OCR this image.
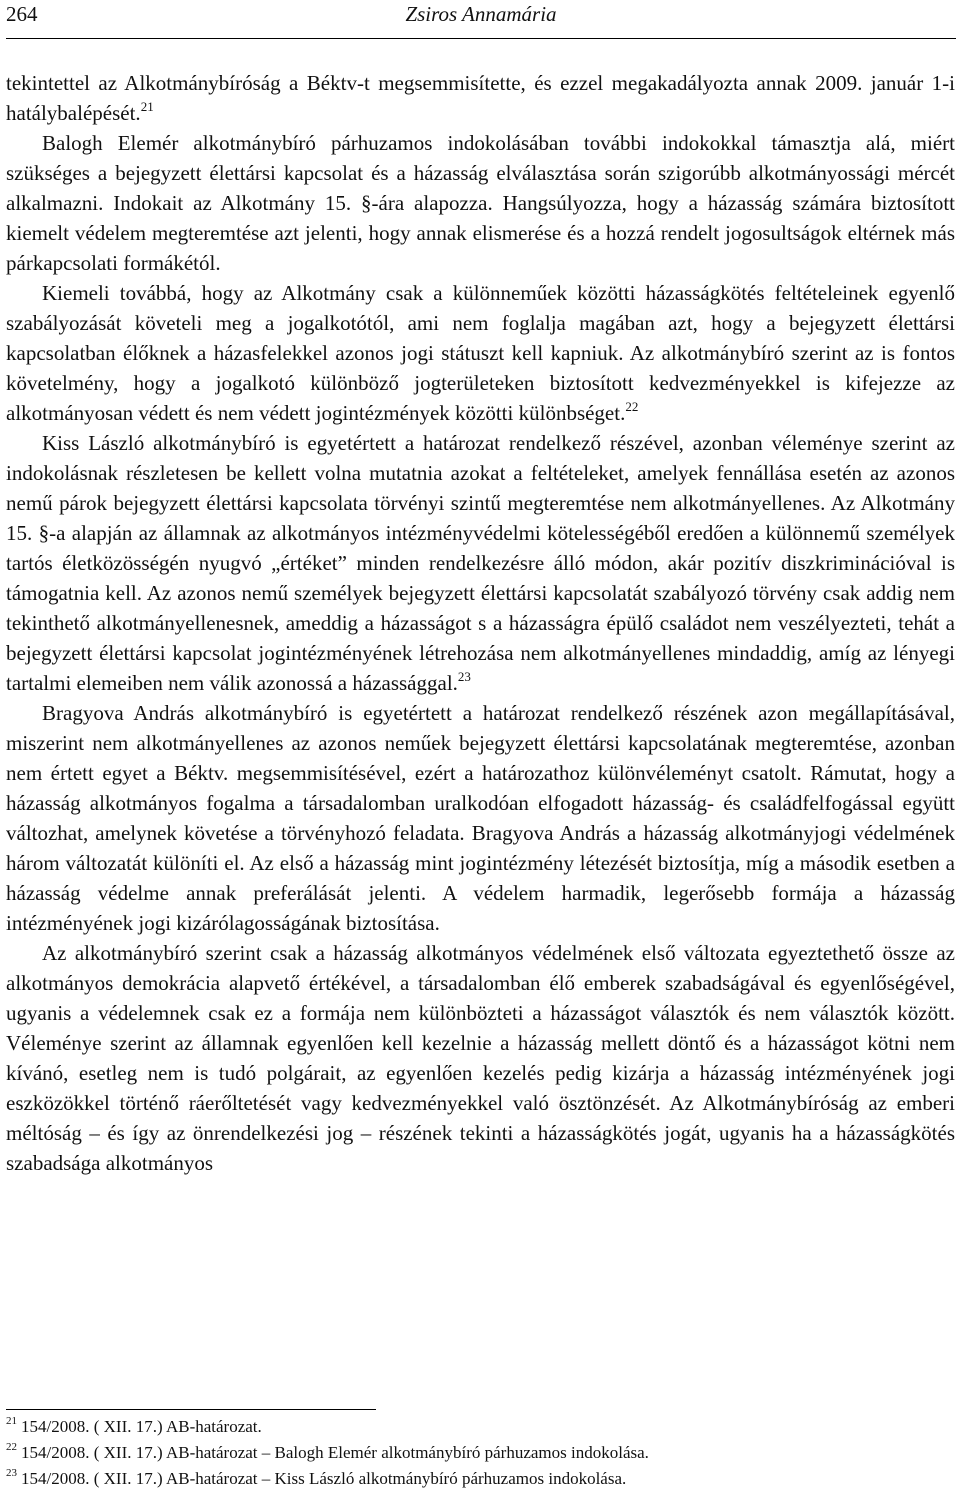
264	Zsiros Annamária

tekintettel az Alkotmánybíróság a Béktv-t megsemmisítette, és ezzel megakadályozta annak 2009. január 1-i hatálybalépését.$^{21}$

Balogh Elemér alkotmánybíró párhuzamos indokolásában további indokokkal támasztja alá, miért szükséges a bejegyzett élettársi kapcsolat és a házasság elválasztása során szigorúbb alkotmányossági mércét alkalmazni. Indokait az Alkotmány 15. §-ára alapozza. Hangsúlyozza, hogy a házasság számára biztosított kiemelt védelem megteremtése azt jelenti, hogy annak elismerése és a hozzá rendelt jogosultságok eltérnek más párkapcsolati formákétól.

Kiemeli továbbá, hogy az Alkotmány csak a különneműek közötti házasságkötés feltételeinek egyenlő szabályozását követeli meg a jogalkotótól, ami nem foglalja magában azt, hogy a bejegyzett élettársi kapcsolatban élőknek a házasfelekkel azonos jogi státuszt kell kapniuk. Az alkotmánybíró szerint az is fontos követelmény, hogy a jogalkotó különböző jogterületeken biztosított kedvezményekkel is kifejezze az alkotmányosan védett és nem védett jogintézmények közötti különbséget.$^{22}$

Kiss László alkotmánybíró is egyetértett a határozat rendelkező részével, azonban véleménye szerint az indokolásnak részletesen be kellett volna mutatnia azokat a feltételeket, amelyek fennállása esetén az azonos nemű párok bejegyzett élettársi kapcsolata törvényi szintű megteremtése nem alkotmányellenes. Az Alkotmány 15. §-a alapján az államnak az alkotmányos intézményvédelmi kötelességéből eredően a különnemű személyek tartós életközösségén nyugvó „értéket” minden rendelkezésre álló módon, akár pozitív diszkriminációval is támogatnia kell. Az azonos nemű személyek bejegyzett élettársi kapcsolatát szabályozó törvény csak addig nem tekinthető alkotmányellenesnek, ameddig a házasságot s a házasságra épülő családot nem veszélyezteti, tehát a bejegyzett élettársi kapcsolat jogintézményének létrehozása nem alkotmányellenes mindaddig, amíg az lényegi tartalmi elemeiben nem válik azonossá a házassággal.$^{23}$

Bragyova András alkotmánybíró is egyetértett a határozat rendelkező részének azon megállapításával, miszerint nem alkotmányellenes az azonos neműek bejegyzett élettársi kapcsolatának megteremtése, azonban nem értett egyet a Béktv. megsemmisítésével, ezért a határozathoz különvéleményt csatolt. Rámutat, hogy a házasság alkotmányos fogalma a társadalomban uralkodóan elfogadott házasság- és családfelfogással együtt változhat, amelynek követése a törvényhozó feladata. Bragyova András a házasság alkotmányjogi védelmének három változatát különíti el. Az első a házasság mint jogintézmény létezését biztosítja, míg a második esetben a házasság védelme annak preferálását jelenti. A védelem harmadik, legerősebb formája a házasság intézményének jogi kizárólagosságának biztosítása.

Az alkotmánybíró szerint csak a házasság alkotmányos védelmének első változata egyeztethető össze az alkotmányos demokrácia alapvető értékével, a társadalomban élő emberek szabadságával és egyenlőségével, ugyanis a védelemnek csak ez a formája nem különbözteti a házasságot választók és nem választók között. Véleménye szerint az államnak egyenlően kell kezelnie a házasság mellett döntő és a házasságot kötni nem kívánó, esetleg nem is tudó polgárait, az egyenlően kezelés pedig kizárja a házasság intézményének jogi eszközökkel történő ráerőltetését vagy kedvezményekkel való ösztönzését. Az Alkotmánybíróság az emberi méltóság – és így az önrendelkezési jog – részének tekinti a házasságkötés jogát, ugyanis ha a házasságkötés szabadsága alkotmányos

$^{21}$ 154/2008. ( XII. 17.) AB-határozat.
$^{22}$ 154/2008. ( XII. 17.) AB-határozat – Balogh Elemér alkotmánybíró párhuzamos indokolása.
$^{23}$ 154/2008. ( XII. 17.) AB-határozat – Kiss László alkotmánybíró párhuzamos indokolása.
